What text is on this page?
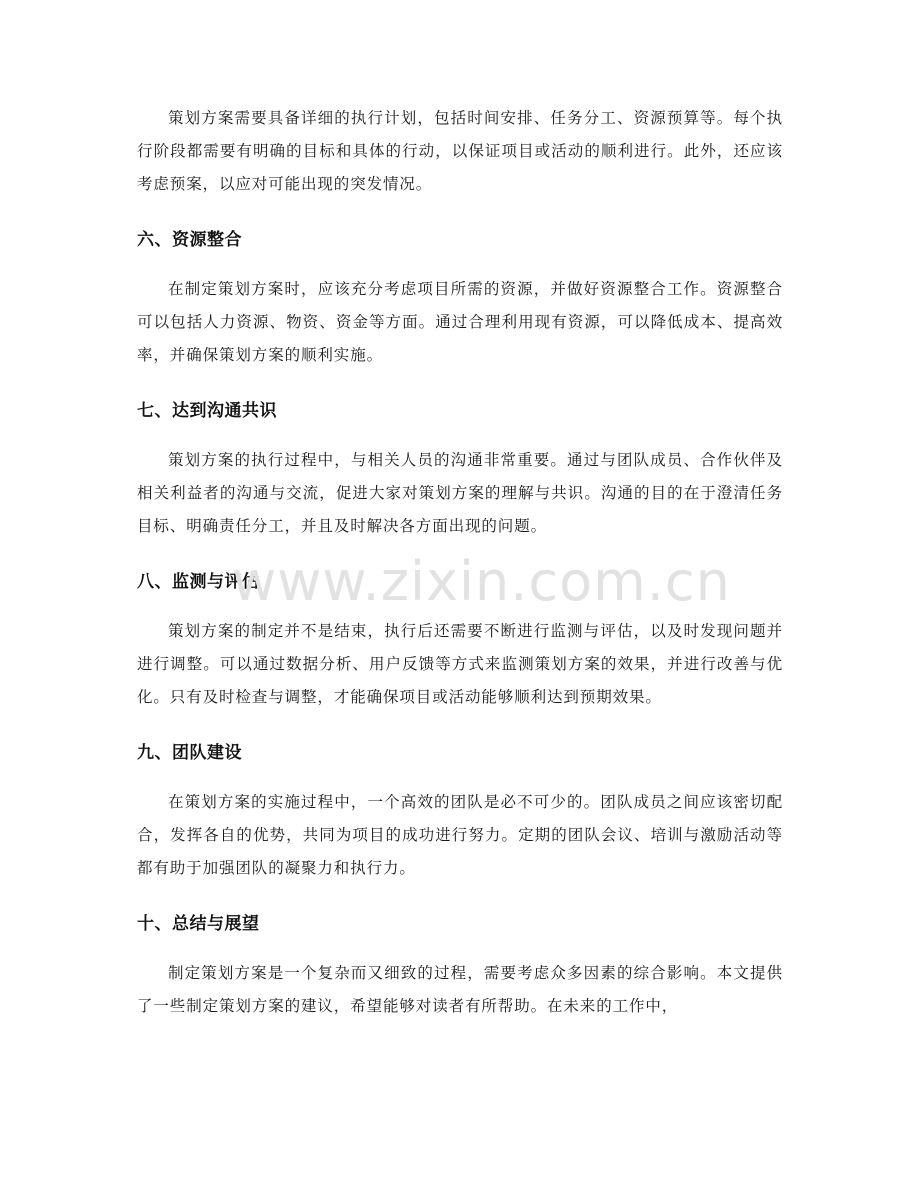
策划方案需要具备详细的执行计划，包括时间安排、任务分工、资源预算等。每个执行阶段都需要有明确的目标和具体的行动，以保证项目或活动的顺利进行。此外，还应该考虑预案，以应对可能出现的突发情况。

六、资源整合

在制定策划方案时，应该充分考虑项目所需的资源，并做好资源整合工作。资源整合可以包括人力资源、物资、资金等方面。通过合理利用现有资源，可以降低成本、提高效率，并确保策划方案的顺利实施。

七、达到沟通共识

策划方案的执行过程中，与相关人员的沟通非常重要。通过与团队成员、合作伙伴及相关利益者的沟通与交流，促进大家对策划方案的理解与共识。沟通的目的在于澄清任务目标、明确责任分工，并且及时解决各方面出现的问题。

八、监测与评估

策划方案的制定并不是结束，执行后还需要不断进行监测与评估，以及时发现问题并进行调整。可以通过数据分析、用户反馈等方式来监测策划方案的效果，并进行改善与优化。只有及时检查与调整，才能确保项目或活动能够顺利达到预期效果。

九、团队建设

在策划方案的实施过程中，一个高效的团队是必不可少的。团队成员之间应该密切配合，发挥各自的优势，共同为项目的成功进行努力。定期的团队会议、培训与激励活动等都有助于加强团队的凝聚力和执行力。

十、总结与展望

制定策划方案是一个复杂而又细致的过程，需要考虑众多因素的综合影响。本文提供了一些制定策划方案的建议，希望能够对读者有所帮助。在未来的工作中，

www.zixin.com.cn
